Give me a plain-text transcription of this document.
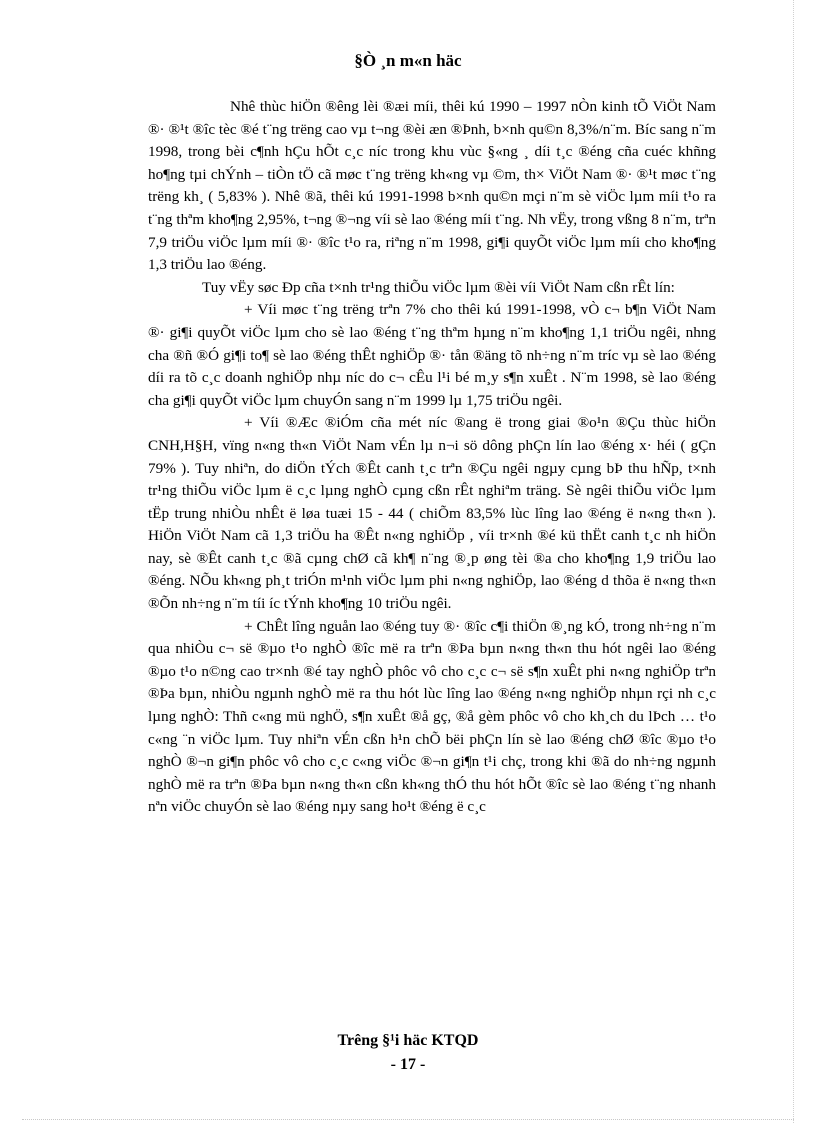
§Ò ¸n m«n häc

Nhê thùc hiÖn ®êng lèi ®æi míi, thêi kú 1990 – 1997 nÒn kinh tÕ ViÖt Nam ®· ®¹t ®îc tèc ®é t¨ng trëng cao vµ t¬ng ®èi æn ®Þnh, b×nh qu©n 8,3%/n¨m. Bíc sang n¨m 1998, trong bèi c¶nh hÇu hÕt c¸c níc trong khu vùc §«ng ¸ díi t¸c ®éng cña cuéc khñng ho¶ng tµi chÝnh – tiÒn tÖ cã møc t¨ng trëng kh«ng vµ ©m, th× ViÖt Nam ®· ®¹t møc t¨ng trëng kh¸ ( 5,83% ). Nhê ®ã, thêi kú 1991-1998 b×nh qu©n mçi n¨m sè viÖc lµm míi t¹o ra t¨ng thªm kho¶ng 2,95%, t¬ng ®¬ng víi sè lao ®éng míi t¨ng. Nh vËy, trong vßng 8 n¨m, trªn 7,9 triÖu viÖc lµm míi ®· ®îc t¹o ra, riªng n¨m 1998, gi¶i quyÕt viÖc lµm míi cho kho¶ng 1,3 triÖu lao ®éng.

Tuy vËy søc Ðp cña t×nh tr¹ng thiÕu viÖc lµm ®èi víi ViÖt Nam cßn rÊt lín:

+ Víi møc t¨ng trëng trªn 7% cho thêi kú 1991-1998, vÒ c¬ b¶n ViÖt Nam ®· gi¶i quyÕt viÖc lµm cho sè lao ®éng t¨ng thªm hµng n¨m kho¶ng 1,1 triÖu ngêi, nhng cha ®ñ ®Ó gi¶i to¶ sè lao ®éng thÊt nghiÖp ®· tån ®äng tõ nh÷ng n¨m tríc vµ sè lao ®éng díi ra tõ c¸c doanh nghiÖp nhµ níc do c¬ cÊu l¹i bé m¸y s¶n xuÊt . N¨m 1998, sè lao ®éng cha gi¶i quyÕt viÖc lµm chuyÓn sang n¨m 1999 lµ 1,75 triÖu ngêi.

+ Víi ®Æc ®iÓm cña mét níc ®ang ë trong giai ®o¹n ®Çu thùc hiÖn CNH,H§H, vïng n«ng th«n ViÖt Nam vÉn lµ n¬i sö dông phÇn lín lao ®éng x· héi ( gÇn 79% ). Tuy nhiªn, do diÖn tÝch ®Êt canh t¸c trªn ®Çu ngêi ngµy cµng bÞ thu hÑp, t×nh tr¹ng thiÕu viÖc lµm ë c¸c lµng nghÒ cµng cßn rÊt nghiªm träng. Sè ngêi thiÕu viÖc lµm tËp trung nhiÒu nhÊt ë løa tuæi 15 - 44 ( chiÕm 83,5% lùc lîng lao ®éng ë n«ng th«n ). HiÖn ViÖt Nam cã 1,3 triÖu ha ®Êt n«ng nghiÖp , víi tr×nh ®é kü thËt canh t¸c nh hiÖn nay, sè ®Êt canh t¸c ®ã cµng chØ cã kh¶ n¨ng ®¸p øng tèi ®a cho kho¶ng 1,9 triÖu lao ®éng. NÕu kh«ng ph¸t triÓn m¹nh viÖc lµm phi n«ng nghiÖp, lao ®éng d thõa ë n«ng th«n ®Õn nh÷ng n¨m tíi íc tÝnh kho¶ng 10 triÖu ngêi.

+ ChÊt lîng nguån lao ®éng tuy ®· ®îc c¶i thiÖn ®¸ng kÓ, trong nh÷ng n¨m qua nhiÒu c¬ së ®µo t¹o nghÒ ®îc më ra trªn ®Þa bµn n«ng th«n thu hót ngêi lao ®éng ®µo t¹o n©ng cao tr×nh ®é tay nghÒ phôc vô cho c¸c c¬ së s¶n xuÊt phi n«ng nghiÖp trªn ®Þa bµn, nhiÒu ngµnh nghÒ më ra thu hót lùc lîng lao ®éng n«ng nghiÖp nhµn rçi nh c¸c lµng nghÒ: Thñ c«ng mü nghÖ, s¶n xuÊt ®å gç, ®å gèm phôc vô cho kh¸ch du lÞch … t¹o c«ng ¨n viÖc lµm. Tuy nhiªn vÉn cßn h¹n chÕ bëi phÇn lín sè lao ®éng chØ ®îc ®µo t¹o nghÒ ®¬n gi¶n phôc vô cho c¸c c«ng viÖc ®¬n gi¶n t¹i chç, trong khi ®ã do nh÷ng ngµnh nghÒ më ra trªn ®Þa bµn n«ng th«n cßn kh«ng thÓ thu hót hÕt ®îc sè lao ®éng t¨ng nhanh nªn viÖc chuyÓn sè lao ®éng nµy sang ho¹t ®éng ë c¸c

Trêng §¹i häc KTQD
- 17 -
